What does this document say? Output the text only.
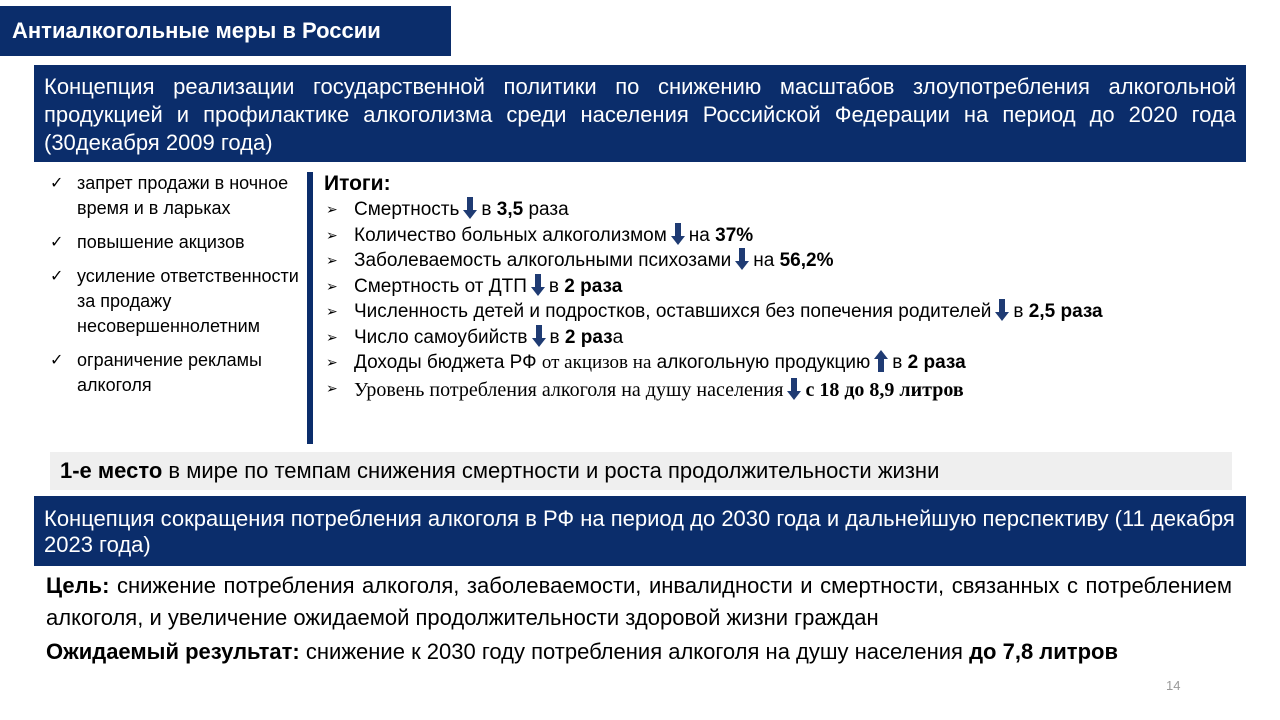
Антиалкогольные меры в России
Концепция реализации государственной политики по снижению масштабов злоупотребления алкогольной продукцией и профилактике алкоголизма среди населения Российской Федерации на период до 2020 года (30декабря 2009 года)
✓ запрет продажи в ночное время и в ларьках
✓ повышение акцизов
✓ усиление ответственности за продажу несовершеннолетним
✓ ограничение рекламы алкоголя
Итоги:
➢ Смертность в 3,5 раза
➢ Количество больных алкоголизмом на 37%
➢ Заболеваемость алкогольными психозами на 56,2%
➢ Смертность от ДТП в 2 раза
➢ Численность детей и подростков, оставшихся без попечения родителей в 2,5 раза
➢ Число самоубийств в 2 раза
➢ Доходы бюджета РФ от акцизов на алкогольную продукцию в 2 раза
➢ Уровень потребления алкоголя на душу населения с 18 до 8,9 литров
1-е место в мире по темпам снижения смертности и роста продолжительности жизни
Концепция сокращения потребления алкоголя в РФ на период до 2030 года и дальнейшую перспективу (11 декабря 2023 года)
Цель: снижение потребления алкоголя, заболеваемости, инвалидности и смертности, связанных с потреблением алкоголя, и увеличение ожидаемой продолжительности здоровой жизни граждан
Ожидаемый результат: снижение к 2030 году потребления алкоголя на душу населения до 7,8 литров
14
